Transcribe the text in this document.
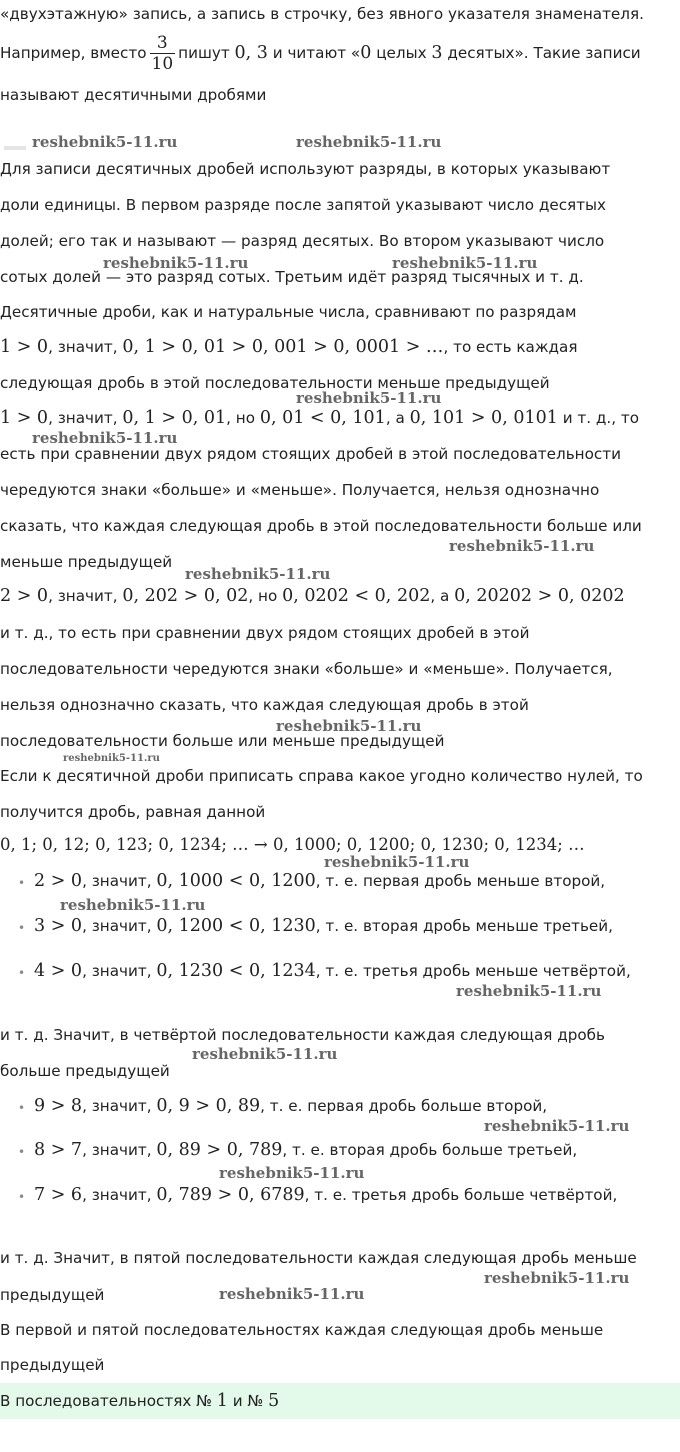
«двухэтажную» запись, а запись в строчку, без явного указателя знаменателя.
Например, вместо $\frac{3}{10}$ пишут 0, 3 и читают «0 целых 3 десятых». Такие записи
называют десятичными дробями
Для записи десятичных дробей используют разряды, в которых указывают
доли единицы. В первом разряде после запятой указывают число десятых
долей; его так и называют — разряд десятых. Во втором указывают число
сотых долей — это разряд сотых. Третьим идёт разряд тысячных и т. д.
Десятичные дроби, как и натуральные числа, сравнивают по разрядам
1 > 0, значит, 0, 1 > 0, 01 > 0, 001 > 0, 0001 > …, то есть каждая
следующая дробь в этой последовательности меньше предыдущей
1 > 0, значит, 0, 1 > 0, 01, но 0, 01 < 0, 101, а 0, 101 > 0, 0101 и т. д., то
есть при сравнении двух рядом стоящих дробей в этой последовательности
чередуются знаки «больше» и «меньше». Получается, нельзя однозначно
сказать, что каждая следующая дробь в этой последовательности больше или
меньше предыдущей
2 > 0, значит, 0, 202 > 0, 02, но 0, 0202 < 0, 202, а 0, 20202 > 0, 0202
и т. д., то есть при сравнении двух рядом стоящих дробей в этой
последовательности чередуются знаки «больше» и «меньше». Получается,
нельзя однозначно сказать, что каждая следующая дробь в этой
последовательности больше или меньше предыдущей
Если к десятичной дроби приписать справа какое угодно количество нулей, то
получится дробь, равная данной
0, 1; 0, 12; 0, 123; 0, 1234; … → 0, 1000; 0, 1200; 0, 1230; 0, 1234; …
• 2 > 0, значит, 0, 1000 < 0, 1200, т. е. первая дробь меньше второй,
• 3 > 0, значит, 0, 1200 < 0, 1230, т. е. вторая дробь меньше третьей,
• 4 > 0, значит, 0, 1230 < 0, 1234, т. е. третья дробь меньше четвёртой,
и т. д. Значит, в четвёртой последовательности каждая следующая дробь
больше предыдущей
• 9 > 8, значит, 0, 9 > 0, 89, т. е. первая дробь больше второй,
• 8 > 7, значит, 0, 89 > 0, 789, т. е. вторая дробь больше третьей,
• 7 > 6, значит, 0, 789 > 0, 6789, т. е. третья дробь больше четвёртой,
и т. д. Значит, в пятой последовательности каждая следующая дробь меньше
предыдущей
В первой и пятой последовательностях каждая следующая дробь меньше
предыдущей
В последовательностях № 1 и № 5
reshebnik5-11.ru	reshebnik5-11.ru
reshebnik5-11.ru	reshebnik5-11.ru
reshebnik5-11.ru
reshebnik5-11.ru
reshebnik5-11.ru
reshebnik5-11.ru
reshebnik5-11.ru
reshebnik5-11.ru
reshebnik5-11.ru
reshebnik5-11.ru
reshebnik5-11.ru
reshebnik5-11.ru
reshebnik5-11.ru
reshebnik5-11.ru
reshebnik5-11.ru
reshebnik5-11.ru
